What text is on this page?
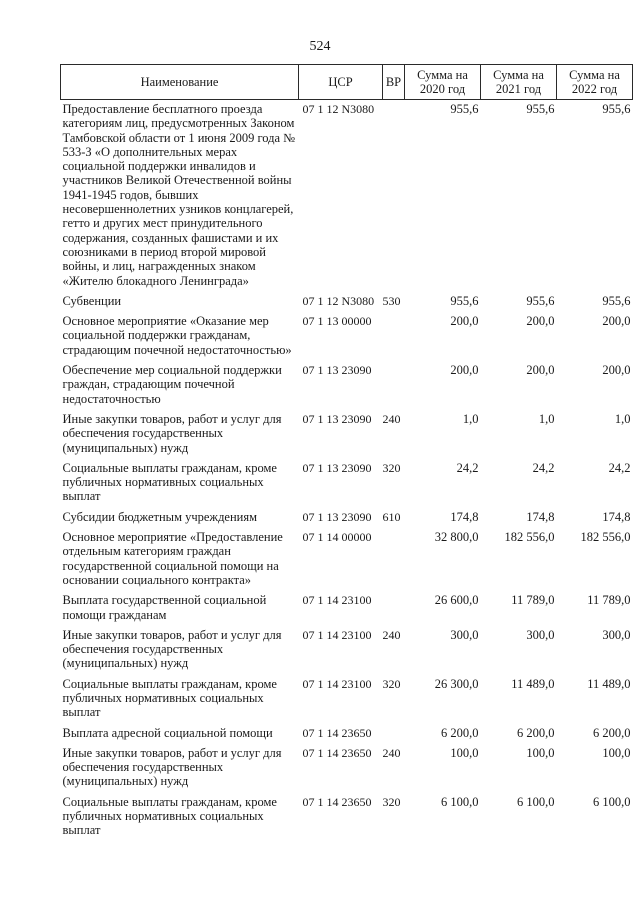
524
Наименование	ЦСР	ВР	Сумма на 2020 год	Сумма на 2021 год	Сумма на 2022 год
Предоставление бесплатного проезда категориям лиц, предусмотренных Законом Тамбовской области от 1 июня 2009 года № 533-З «О дополнительных мерах социальной поддержки инвалидов и участников Великой Отечественной войны 1941-1945 годов, бывших несовершеннолетних узников концлагерей, гетто и других мест принудительного содержания, созданных фашистами и их союзниками в период второй мировой войны, и лиц, награжденных знаком «Жителю блокадного Ленинграда»	07 1 12 N3080		955,6	955,6	955,6
Субвенции	07 1 12 N3080	530	955,6	955,6	955,6
Основное мероприятие «Оказание мер социальной поддержки гражданам, страдающим почечной недостаточностью»	07 1 13 00000		200,0	200,0	200,0
Обеспечение мер социальной поддержки граждан, страдающим почечной недостаточностью	07 1 13 23090		200,0	200,0	200,0
Иные закупки товаров, работ и услуг для обеспечения государственных (муниципальных) нужд	07 1 13 23090	240	1,0	1,0	1,0
Социальные выплаты гражданам, кроме публичных нормативных социальных выплат	07 1 13 23090	320	24,2	24,2	24,2
Субсидии бюджетным учреждениям	07 1 13 23090	610	174,8	174,8	174,8
Основное мероприятие «Предоставление отдельным категориям граждан государственной социальной помощи на основании социального контракта»	07 1 14 00000		32 800,0	182 556,0	182 556,0
Выплата государственной социальной помощи гражданам	07 1 14 23100		26 600,0	11 789,0	11 789,0
Иные закупки товаров, работ и услуг для обеспечения государственных (муниципальных) нужд	07 1 14 23100	240	300,0	300,0	300,0
Социальные выплаты гражданам, кроме публичных нормативных социальных выплат	07 1 14 23100	320	26 300,0	11 489,0	11 489,0
Выплата адресной социальной помощи	07 1 14 23650		6 200,0	6 200,0	6 200,0
Иные закупки товаров, работ и услуг для обеспечения государственных (муниципальных) нужд	07 1 14 23650	240	100,0	100,0	100,0
Социальные выплаты гражданам, кроме публичных нормативных социальных выплат	07 1 14 23650	320	6 100,0	6 100,0	6 100,0
